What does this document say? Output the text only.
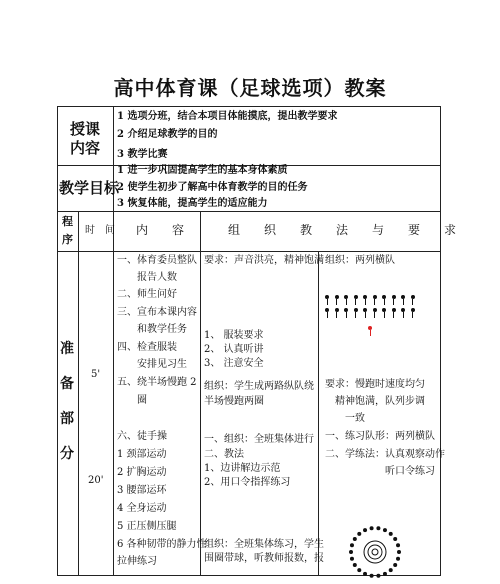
高中体育课（足球选项）教案
授课
内容
1 选项分班，结合本项目体能摸底，提出教学要求
2 介绍足球教学的目的
3 教学比赛
教学目标
1 进一步巩固提高学生的基本身体素质
2 使学生初步了解高中体育教学的目的任务
3 恢复体能，提高学生的适应能力
程
序
时　间 内　　容	组　　织　　教　　法　　与　　要　　求
准
备
部
分
5'
20'
一、体育委员整队
　　报告人数
二、师生问好
三、宣布本课内容
　　和教学任务
四、检查服装
　　安排见习生
五、绕半场慢跑 2
　　圈
六、徒手操
1 颈部运动
2 扩胸运动
3 腰部运环
4 全身运动
5 正压侧压腿
6 各种韧带的静力性
拉伸练习
要求：声音洪亮，精神饱满
1、 服装要求
2、 认真听讲
3、 注意安全
组织：学生成两路纵队绕
半场慢跑两圈
一、组织：全班集体进行
二、教法
1、边讲解边示范
2、用口令指挥练习
组织：全班集体练习，学生
围圈带球，听教师报数，报
组织：两列横队
要求：慢跑时速度均匀
　精神饱满，队列步调
　　一致
一、练习队形：两列横队
二、学练法：认真观察动作
　　　　　　听口令练习
